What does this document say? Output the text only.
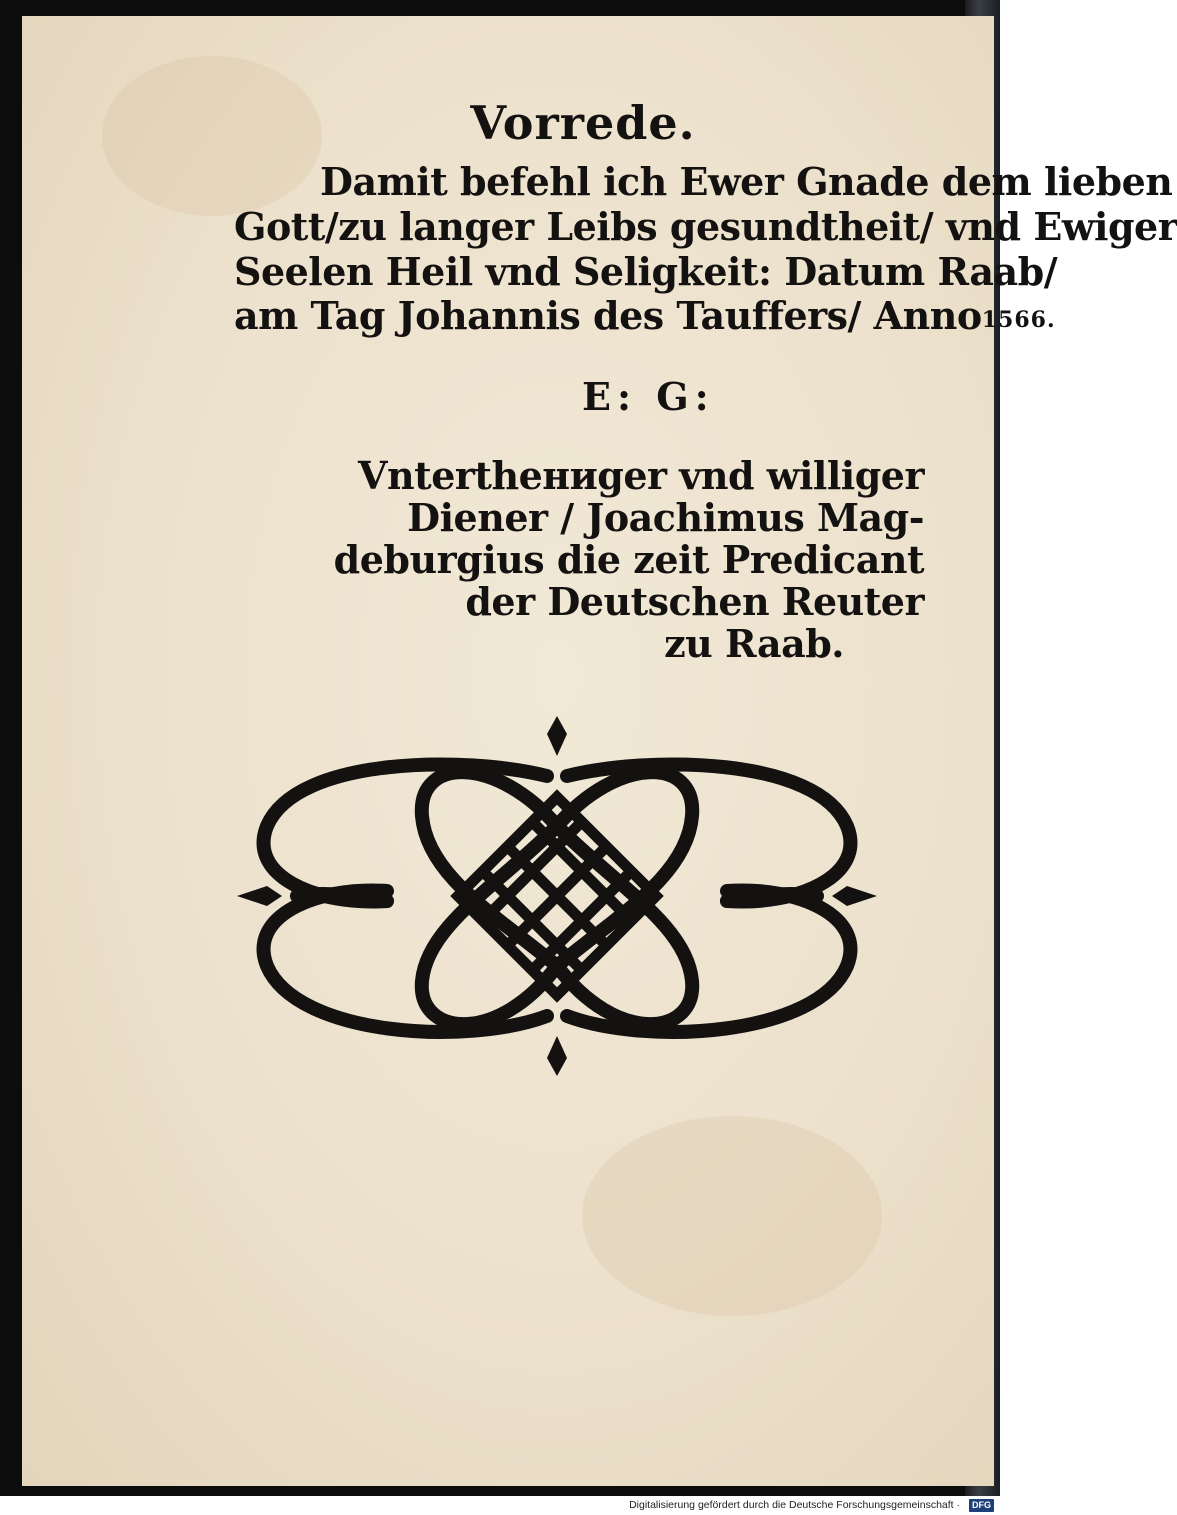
Vorrede.
Damit befehl ich Ewer Gnade dem lieben
Gott/zu langer Leibs gesundtheit/ vnd Ewiger
Seelen Heil vnd Seligkeit: Datum Raab/
am Tag Johannis des Tauffers/ Anno1566.
E: G:
Vnterthениger vnd williger
Diener / Joachimus Mag-
deburgius die zeit Predicant
der Deutschen Reuter
zu Raab.
Digitalisierung gefördert durch die Deutsche Forschungsgemeinschaft ·	DFG
